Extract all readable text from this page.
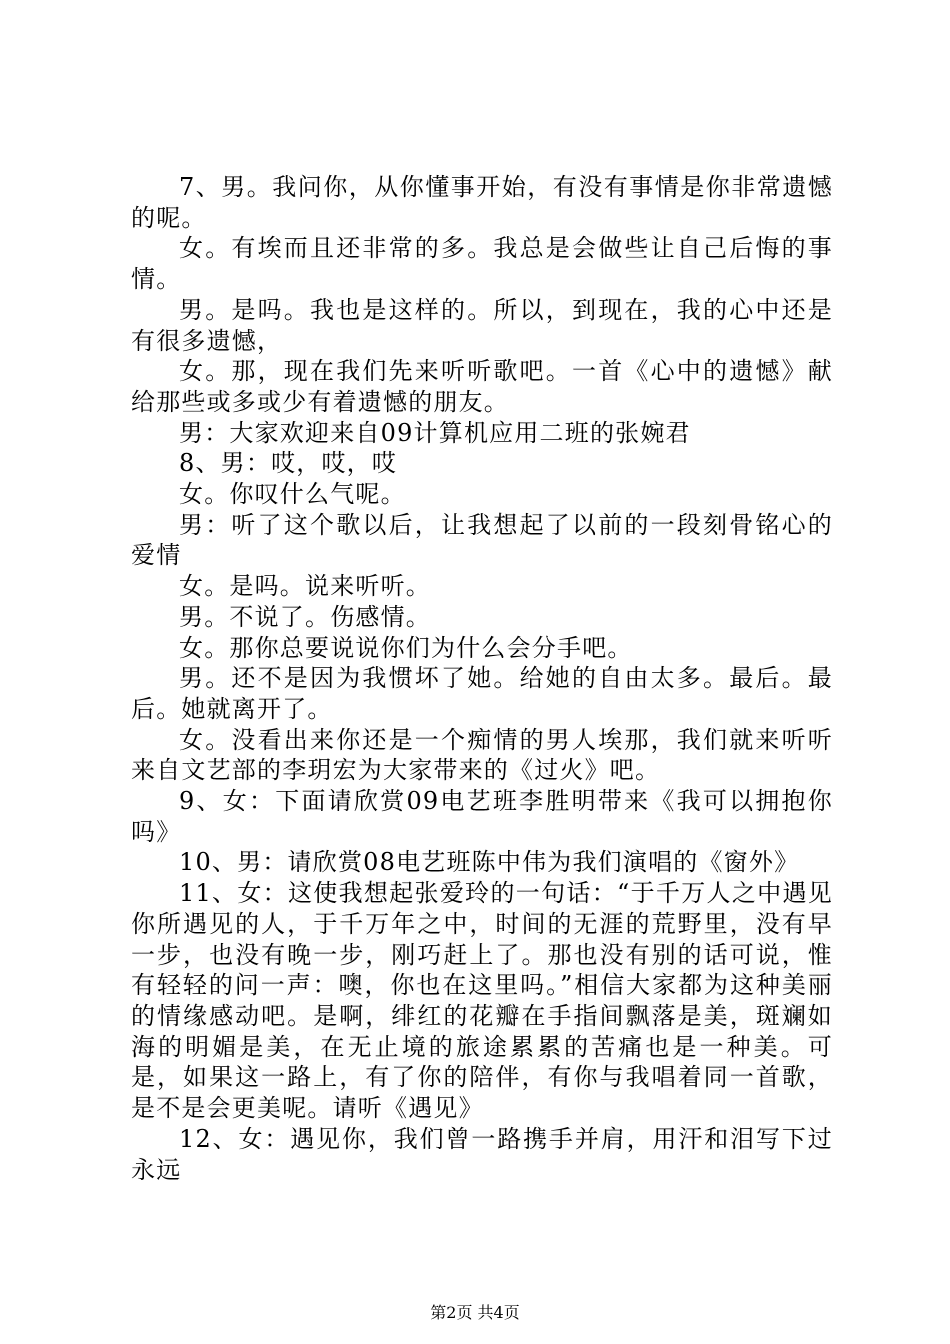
7、男。我问你，从你懂事开始，有没有事情是你非常遗憾的呢。

女。有埃而且还非常的多。我总是会做些让自己后悔的事情。

男。是吗。我也是这样的。所以，到现在，我的心中还是有很多遗憾，

女。那，现在我们先来听听歌吧。一首《心中的遗憾》献给那些或多或少有着遗憾的朋友。

男：大家欢迎来自09计算机应用二班的张婉君

8、男：哎，哎，哎

女。你叹什么气呢。

男：听了这个歌以后，让我想起了以前的一段刻骨铭心的爱情

女。是吗。说来听听。

男。不说了。伤感情。

女。那你总要说说你们为什么会分手吧。

男。还不是因为我惯坏了她。给她的自由太多。最后。最后。她就离开了。

女。没看出来你还是一个痴情的男人埃那，我们就来听听来自文艺部的李玥宏为大家带来的《过火》吧。

9、女：下面请欣赏09电艺班李胜明带来《我可以拥抱你吗》

10、男：请欣赏08电艺班陈中伟为我们演唱的《窗外》

11、女：这使我想起张爱玲的一句话：“于千万人之中遇见你所遇见的人，于千万年之中，时间的无涯的荒野里，没有早一步，也没有晚一步，刚巧赶上了。那也没有别的话可说，惟有轻轻的问一声：噢，你也在这里吗。”相信大家都为这种美丽的情缘感动吧。是啊，绯红的花瓣在手指间飘落是美，斑斓如海的明媚是美，在无止境的旅途累累的苦痛也是一种美。可是，如果这一路上，有了你的陪伴，有你与我唱着同一首歌，是不是会更美呢。请听《遇见》

12、女：遇见你，我们曾一路携手并肩，用汗和泪写下过永远

第2页 共4页
